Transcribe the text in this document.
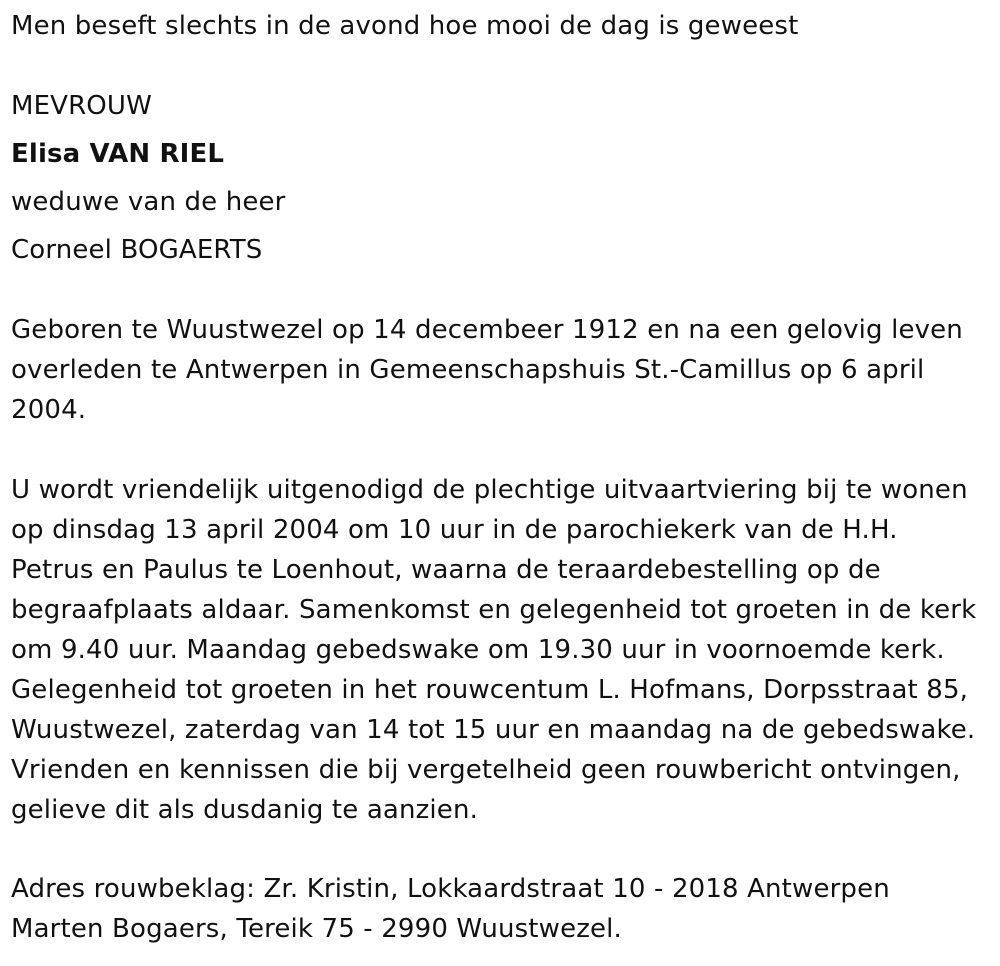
Men beseft slechts in de avond hoe mooi de dag is geweest
MEVROUW
Elisa VAN RIEL
weduwe van de heer
Corneel BOGAERTS
Geboren te Wuustwezel op 14 decembeer 1912 en na een gelovig leven
overleden te Antwerpen in Gemeenschapshuis St.-Camillus op 6 april
2004.
U wordt vriendelijk uitgenodigd de plechtige uitvaartviering bij te wonen
op dinsdag 13 april 2004 om 10 uur in de parochiekerk van de H.H.
Petrus en Paulus te Loenhout, waarna de teraardebestelling op de
begraafplaats aldaar. Samenkomst en gelegenheid tot groeten in de kerk
om 9.40 uur. Maandag gebedswake om 19.30 uur in voornoemde kerk.
Gelegenheid tot groeten in het rouwcentum L. Hofmans, Dorpsstraat 85,
Wuustwezel, zaterdag van 14 tot 15 uur en maandag na de gebedswake.
Vrienden en kennissen die bij vergetelheid geen rouwbericht ontvingen,
gelieve dit als dusdanig te aanzien.
Adres rouwbeklag: Zr. Kristin, Lokkaardstraat 10 - 2018 Antwerpen
Marten Bogaers, Tereik 75 - 2990 Wuustwezel.
